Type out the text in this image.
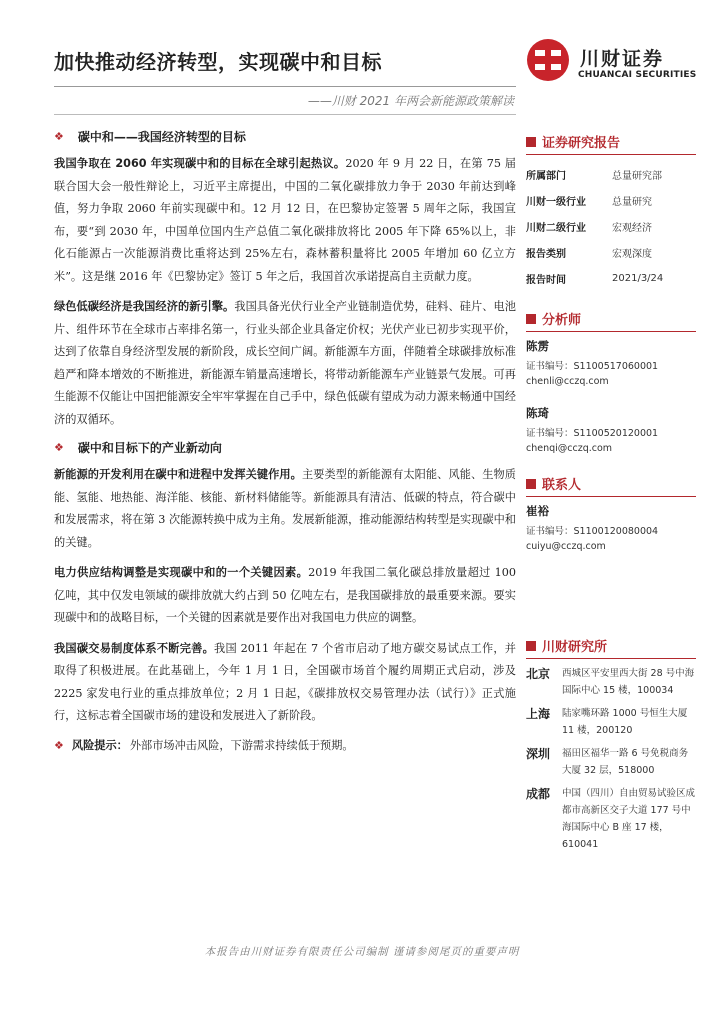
加快推动经济转型，实现碳中和目标	川财证券
CHUANCAI SECURITIES
——川财 2021 年两会新能源政策解读
❖ 碳中和——我国经济转型的目标

我国争取在 2060 年实现碳中和的目标在全球引起热议。2020 年 9 月 22 日，在第 75 届联合国大会一般性辩论上，习近平主席提出，中国的二氧化碳排放力争于 2030 年前达到峰值，努力争取 2060 年前实现碳中和。12 月 12 日，在巴黎协定签署 5 周年之际，我国宣布，要“到 2030 年，中国单位国内生产总值二氧化碳排放将比 2005 年下降 65%以上，非化石能源占一次能源消费比重将达到 25%左右，森林蓄积量将比 2005 年增加 60 亿立方米”。这是继 2016 年《巴黎协定》签订 5 年之后，我国首次承诺提高自主贡献力度。

绿色低碳经济是我国经济的新引擎。我国具备光伏行业全产业链制造优势，硅料、硅片、电池片、组件环节在全球市占率排名第一，行业头部企业具备定价权；光伏产业已初步实现平价，达到了依靠自身经济型发展的新阶段，成长空间广阔。新能源车方面，伴随着全球碳排放标准趋严和降本增效的不断推进，新能源车销量高速增长，将带动新能源车产业链景气发展。可再生能源不仅能让中国把能源安全牢牢掌握在自己手中，绿色低碳有望成为动力源来畅通中国经济的双循环。

❖ 碳中和目标下的产业新动向

新能源的开发利用在碳中和进程中发挥关键作用。主要类型的新能源有太阳能、风能、生物质能、氢能、地热能、海洋能、核能、新材料储能等。新能源具有清洁、低碳的特点，符合碳中和发展需求，将在第 3 次能源转换中成为主角。发展新能源，推动能源结构转型是实现碳中和的关键。

电力供应结构调整是实现碳中和的一个关键因素。2019 年我国二氧化碳总排放量超过 100 亿吨，其中仅发电领域的碳排放就大约占到 50 亿吨左右，是我国碳排放的最重要来源。要实现碳中和的战略目标，一个关键的因素就是要作出对我国电力供应的调整。

我国碳交易制度体系不断完善。我国 2011 年起在 7 个省市启动了地方碳交易试点工作，并取得了积极进展。在此基础上，今年 1 月 1 日，全国碳市场首个履约周期正式启动，涉及 2225 家发电行业的重点排放单位；2 月 1 日起，《碳排放权交易管理办法（试行）》正式施行，这标志着全国碳市场的建设和发展进入了新阶段。

❖ 风险提示： 外部市场冲击风险，下游需求持续低于预期。
证券研究报告
所属部门	总量研究部
川财一级行业	总量研究
川财二级行业	宏观经济
报告类别	宏观深度
报告时间	2021/3/24
分析师
陈雳
证书编号：S1100517060001
chenli@cczq.com
陈琦
证书编号：S1100520120001
chenqi@cczq.com
联系人
崔裕
证书编号：S1100120080004
cuiyu@cczq.com
川财研究所
北京	西城区平安里西大街 28 号中海国际中心 15 楼，100034
上海	陆家嘴环路 1000 号恒生大厦 11 楼，200120
深圳	福田区福华一路 6 号免税商务大厦 32 层，518000
成都	中国（四川）自由贸易试验区成都市高新区交子大道 177 号中海国际中心 B 座 17 楼，610041
本报告由川财证券有限责任公司编制 谨请参阅尾页的重要声明
